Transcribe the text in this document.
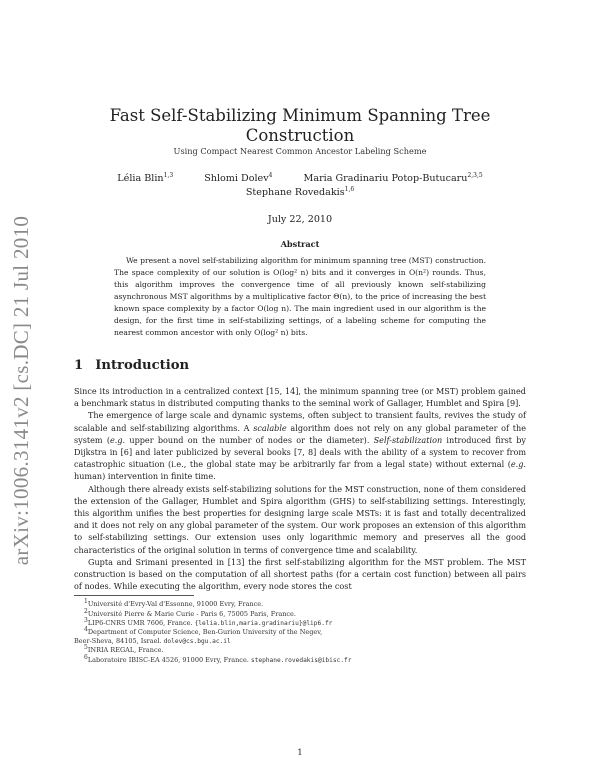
arXiv:1006.3141v2 [cs.DC] 21 Jul 2010
Fast Self-Stabilizing Minimum Spanning Tree Construction
Using Compact Nearest Common Ancestor Labeling Scheme
Lélia Blin$^{1,3}$	Shlomi Dolev$^4$	Maria Gradinariu Potop-Butucaru$^{2,3,5}$
Stephane Rovedakis$^{1,6}$
July 22, 2010
Abstract
We present a novel self-stabilizing algorithm for minimum spanning tree (MST) construction. The space complexity of our solution is O(log² n) bits and it converges in O(n²) rounds. Thus, this algorithm improves the convergence time of all previously known self-stabilizing asynchronous MST algorithms by a multiplicative factor Θ(n), to the price of increasing the best known space complexity by a factor O(log n). The main ingredient used in our algorithm is the design, for the first time in self-stabilizing settings, of a labeling scheme for computing the nearest common ancestor with only O(log² n) bits.
1 Introduction

Since its introduction in a centralized context [15, 14], the minimum spanning tree (or MST) problem gained a benchmark status in distributed computing thanks to the seminal work of Gallager, Humblet and Spira [9].

The emergence of large scale and dynamic systems, often subject to transient faults, revives the study of scalable and self-stabilizing algorithms. A scalable algorithm does not rely on any global parameter of the system (e.g. upper bound on the number of nodes or the diameter). Self-stabilization introduced first by Dijkstra in [6] and later publicized by several books [7, 8] deals with the ability of a system to recover from catastrophic situation (i.e., the global state may be arbitrarily far from a legal state) without external (e.g. human) intervention in finite time.

Although there already exists self-stabilizing solutions for the MST construction, none of them considered the extension of the Gallager, Humblet and Spira algorithm (GHS) to self-stabilizing settings. Interestingly, this algorithm unifies the best properties for designing large scale MSTs: it is fast and totally decentralized and it does not rely on any global parameter of the system. Our work proposes an extension of this algorithm to self-stabilizing settings. Our extension uses only logarithmic memory and preserves all the good characteristics of the original solution in terms of convergence time and scalability.

Gupta and Srimani presented in [13] the first self-stabilizing algorithm for the MST problem. The MST construction is based on the computation of all shortest paths (for a certain cost function) between all pairs of nodes. While executing the algorithm, every node stores the cost

$^1$Université d'Evry-Val d'Essonne, 91000 Evry, France.
$^2$Université Pierre & Marie Curie - Paris 6, 75005 Paris, France.
$^3$LIP6-CNRS UMR 7606, France. {lelia.blin,maria.gradinariu}@lip6.fr
$^4$Department of Computer Science, Ben-Gurion University of the Negev,
Beer-Sheva, 84105, Israel. dolev@cs.bgu.ac.il
$^5$INRIA REGAL, France.
$^6$Laboratoire IBISC-EA 4526, 91000 Evry, France. stephane.rovedakis@ibisc.fr
1
